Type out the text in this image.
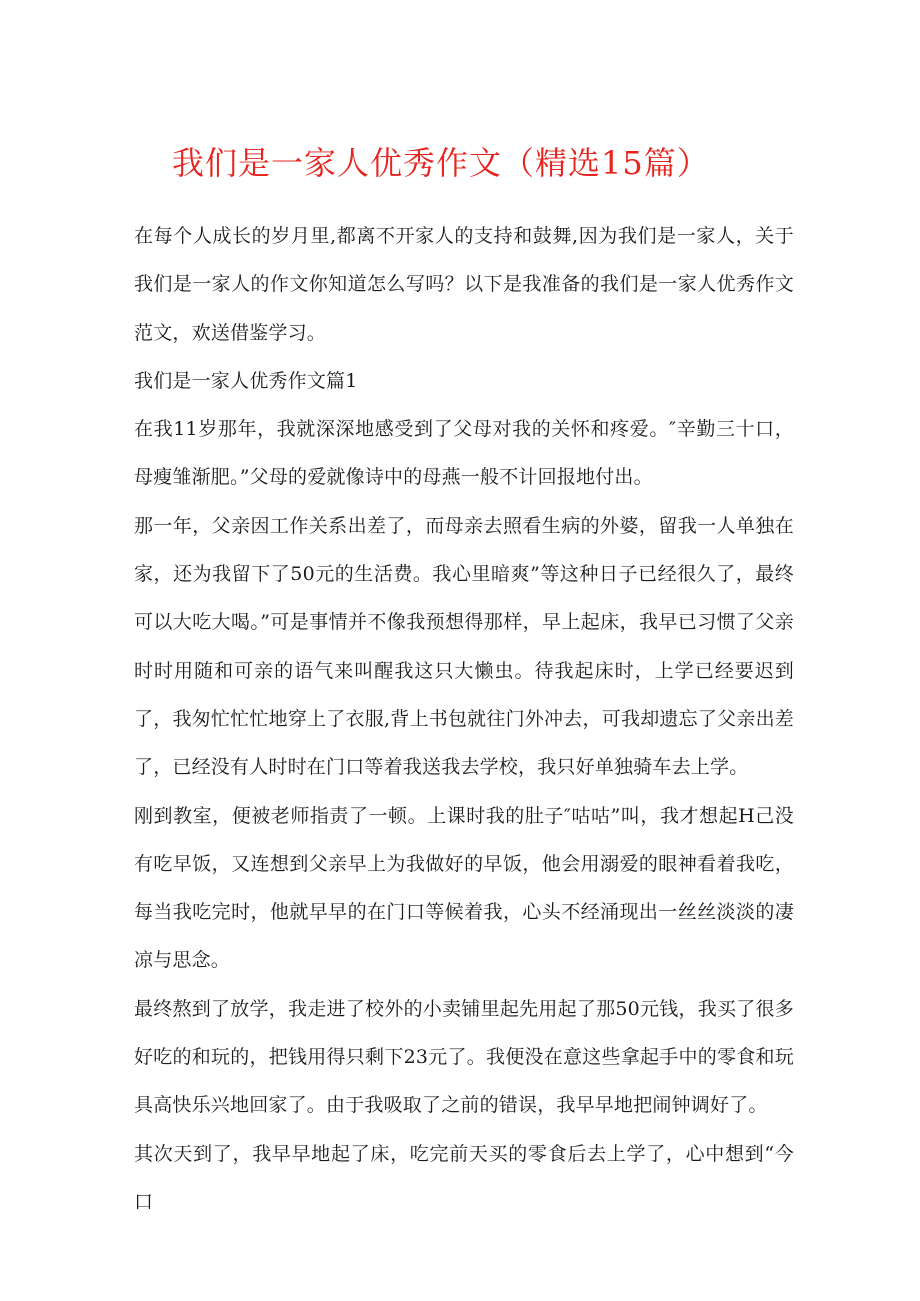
我们是一家人优秀作文（精选15篇）

在每个人成长的岁月里,都离不开家人的支持和鼓舞,因为我们是一家人，关于我们是一家人的作文你知道怎么写吗？以下是我准备的我们是一家人优秀作文范文，欢送借鉴学习。

我们是一家人优秀作文篇1

在我11岁那年，我就深深地感受到了父母对我的关怀和疼爱。″辛勤三十口，母瘦雏渐肥。”父母的爱就像诗中的母燕一般不计回报地付出。

那一年，父亲因工作关系出差了，而母亲去照看生病的外婆，留我一人单独在家，还为我留下了50元的生活费。我心里暗爽”等这种日子已经很久了，最终可以大吃大喝。”可是事情并不像我预想得那样，早上起床，我早已习惯了父亲时时用随和可亲的语气来叫醒我这只大懒虫。待我起床时，上学已经要迟到了，我匆忙忙忙地穿上了衣服,背上书包就往门外冲去，可我却遗忘了父亲出差了，已经没有人时时在门口等着我送我去学校，我只好单独骑车去上学。

刚到教室，便被老师指责了一顿。上课时我的肚子″咕咕”叫，我才想起H己没有吃早饭，又连想到父亲早上为我做好的早饭，他会用溺爱的眼神看着我吃，每当我吃完时，他就早早的在门口等候着我，心头不经涌现出一丝丝淡淡的凄凉与思念。

最终熬到了放学，我走进了校外的小卖铺里起先用起了那50元钱，我买了很多好吃的和玩的，把钱用得只剩下23元了。我便没在意这些拿起手中的零食和玩具高快乐兴地回家了。由于我吸取了之前的错误，我早早地把闹钟调好了。

其次天到了，我早早地起了床，吃完前天买的零食后去上学了，心中想到“今口
